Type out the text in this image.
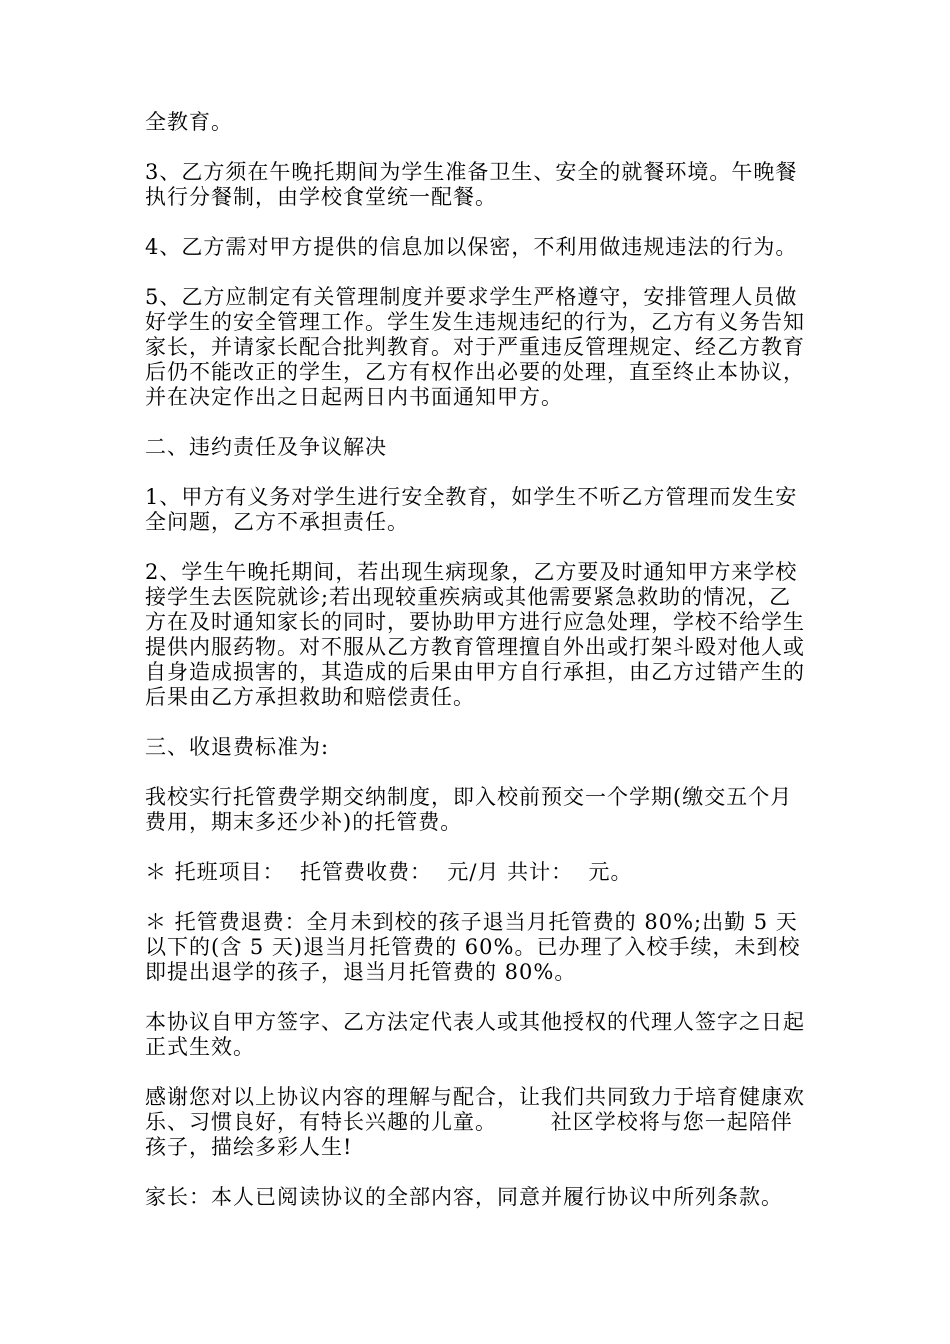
全教育。

3、乙方须在午晚托期间为学生准备卫生、安全的就餐环境。午晚餐执行分餐制，由学校食堂统一配餐。

4、乙方需对甲方提供的信息加以保密，不利用做违规违法的行为。

5、乙方应制定有关管理制度并要求学生严格遵守，安排管理人员做好学生的安全管理工作。学生发生违规违纪的行为，乙方有义务告知家长，并请家长配合批判教育。对于严重违反管理规定、经乙方教育后仍不能改正的学生，乙方有权作出必要的处理，直至终止本协议，并在决定作出之日起两日内书面通知甲方。

二、违约责任及争议解决

1、甲方有义务对学生进行安全教育，如学生不听乙方管理而发生安全问题，乙方不承担责任。

2、学生午晚托期间，若出现生病现象，乙方要及时通知甲方来学校接学生去医院就诊;若出现较重疾病或其他需要紧急救助的情况，乙方在及时通知家长的同时，要协助甲方进行应急处理，学校不给学生提供内服药物。对不服从乙方教育管理擅自外出或打架斗殴对他人或自身造成损害的，其造成的后果由甲方自行承担，由乙方过错产生的后果由乙方承担救助和赔偿责任。

三、收退费标准为:

我校实行托管费学期交纳制度，即入校前预交一个学期(缴交五个月费用，期末多还少补)的托管费。

＊ 托班项目：  托管费收费：  元/月 共计：  元。

＊ 托管费退费：全月未到校的孩子退当月托管费的 80%;出勤 5 天以下的(含 5 天)退当月托管费的 60%。已办理了入校手续，未到校即提出退学的孩子，退当月托管费的 80%。

本协议自甲方签字、乙方法定代表人或其他授权的代理人签字之日起正式生效。

感谢您对以上协议内容的理解与配合，让我们共同致力于培育健康欢乐、习惯良好，有特长兴趣的儿童。       社区学校将与您一起陪伴孩子，描绘多彩人生!

家长：本人已阅读协议的全部内容，同意并履行协议中所列条款。
